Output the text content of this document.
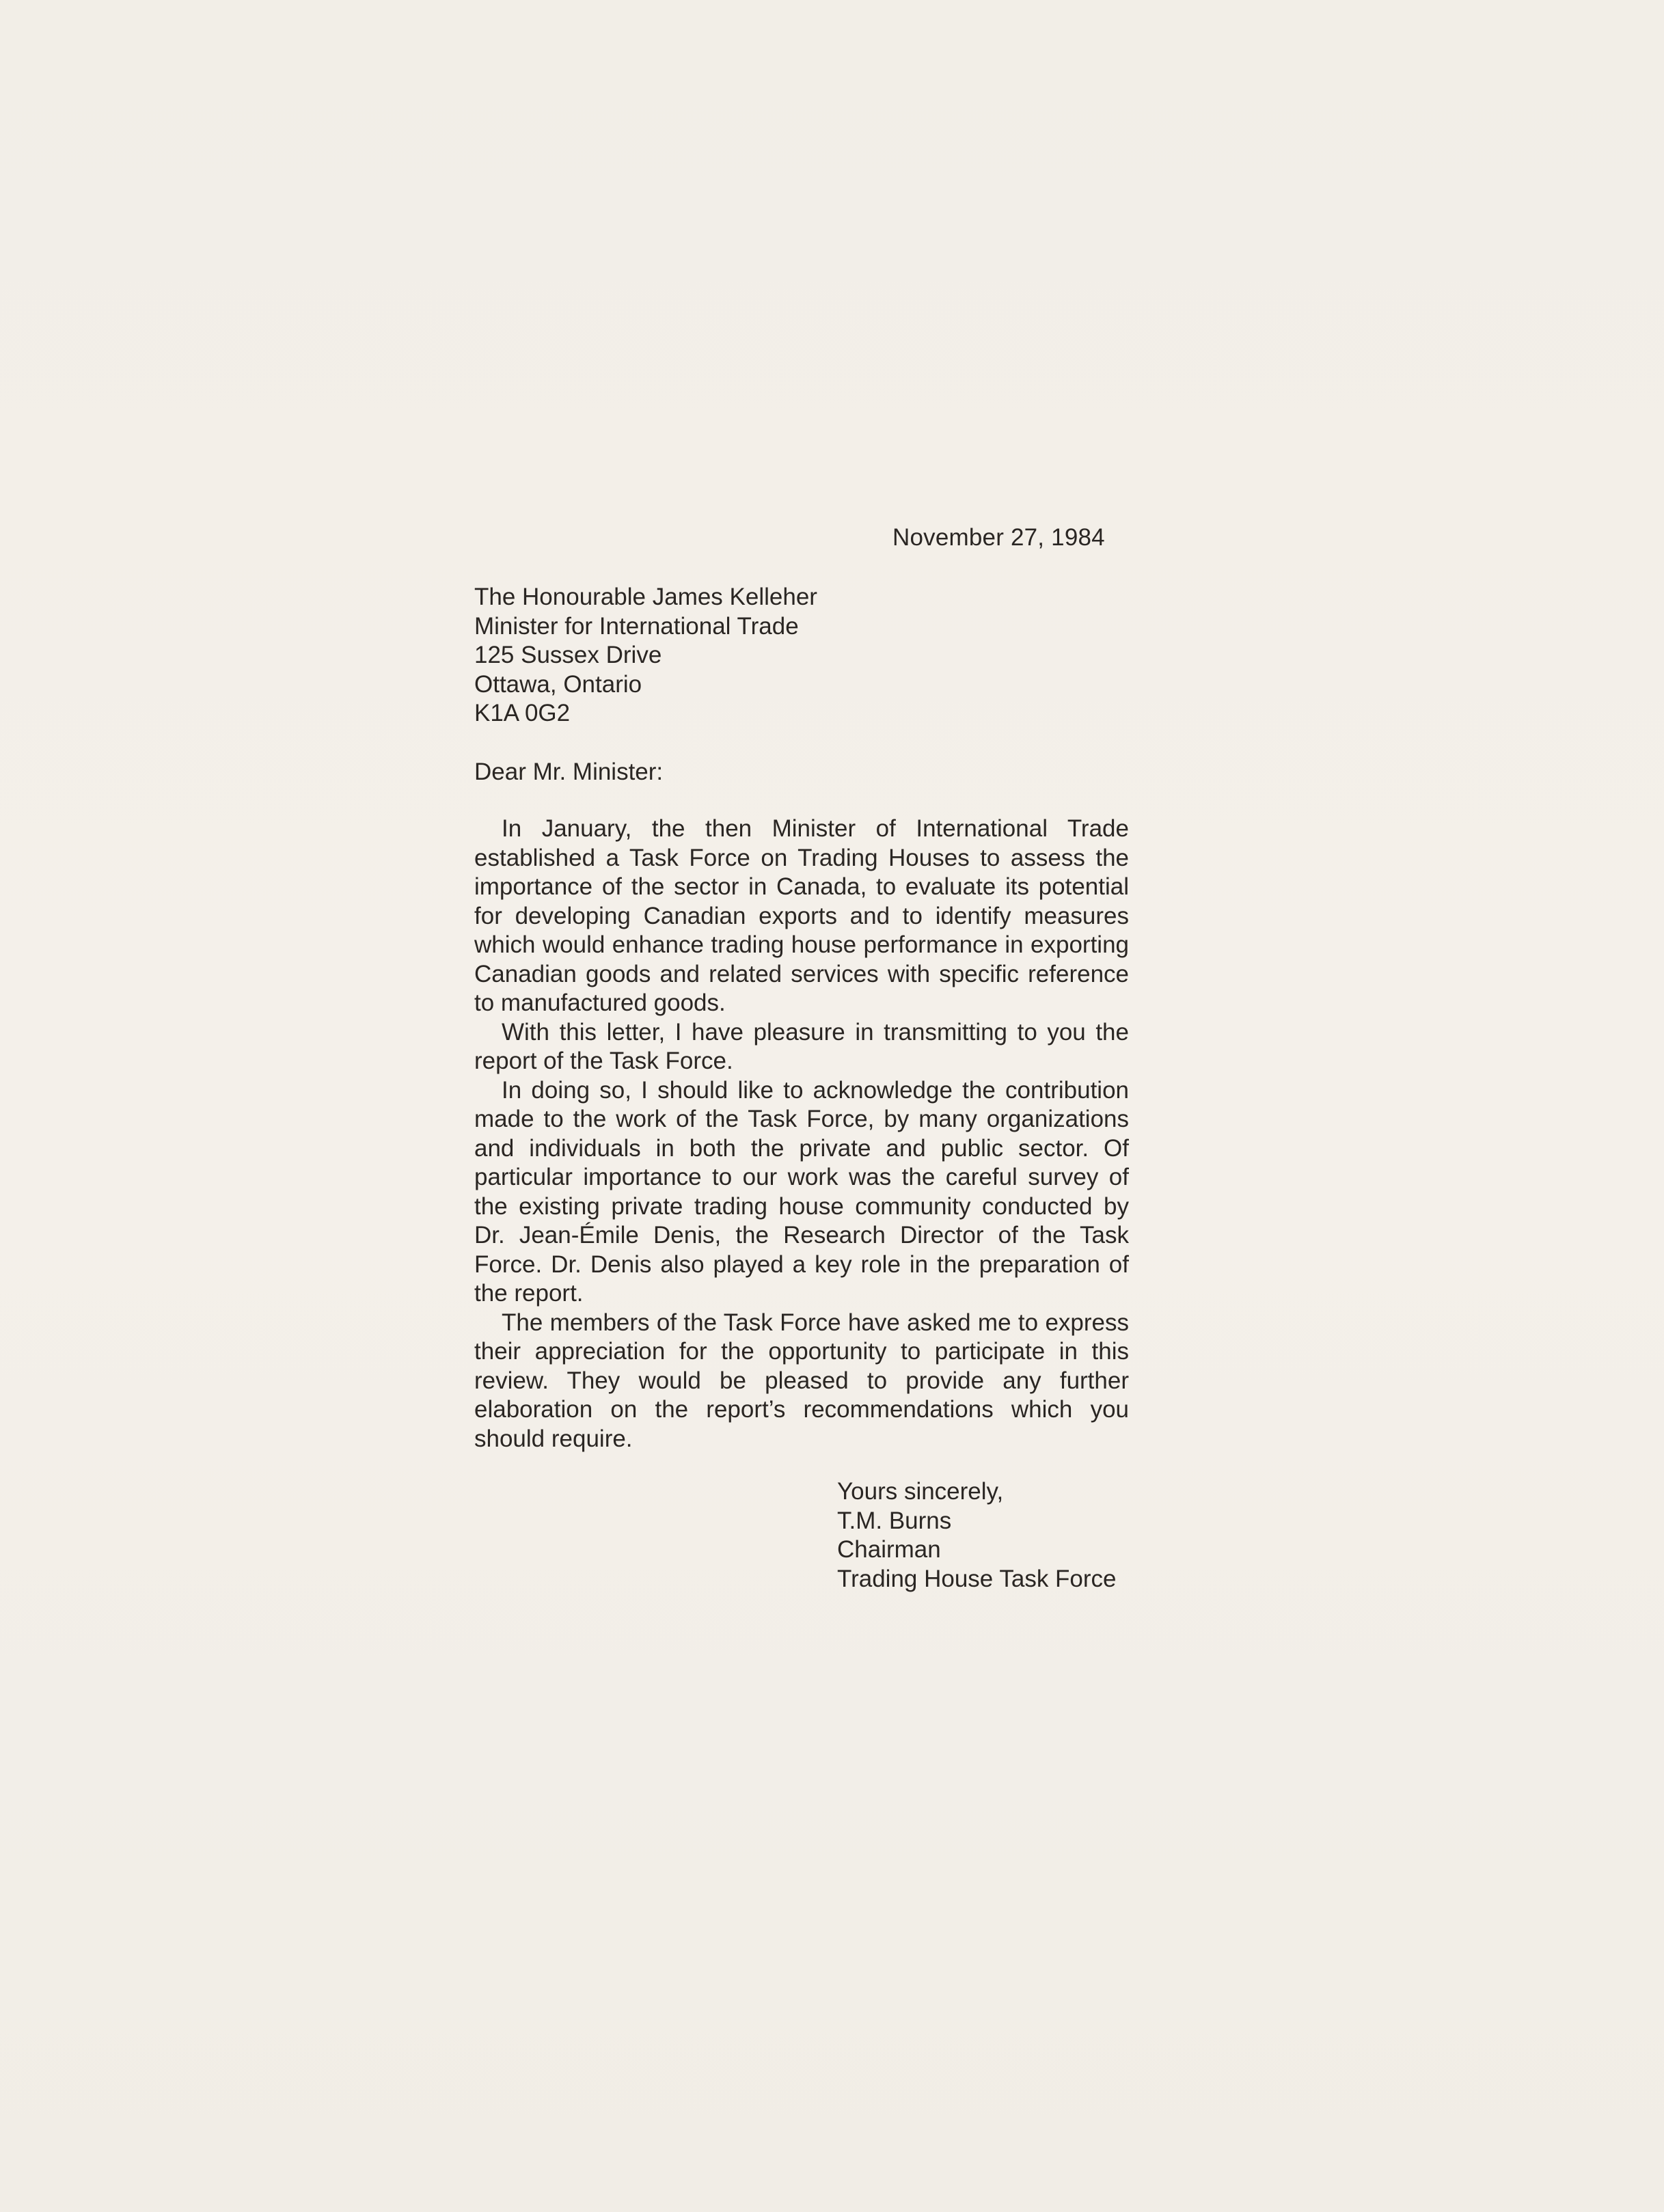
November 27, 1984
The Honourable James Kelleher
Minister for International Trade
125 Sussex Drive
Ottawa, Ontario
K1A 0G2
Dear Mr. Minister:

In January, the then Minister of International Trade established a Task Force on Trading Houses to assess the importance of the sector in Canada, to evaluate its potential for developing Canadian exports and to identify measures which would enhance trading house performance in exporting Canadian goods and related services with specific reference to manufactured goods.

With this letter, I have pleasure in transmitting to you the report of the Task Force.

In doing so, I should like to acknowledge the contribution made to the work of the Task Force, by many organizations and individuals in both the private and public sector. Of particular importance to our work was the careful survey of the existing private trading house community conducted by Dr. Jean-Émile Denis, the Research Director of the Task Force. Dr. Denis also played a key role in the preparation of the report.

The members of the Task Force have asked me to express their appreciation for the opportunity to participate in this review. They would be pleased to provide any further elaboration on the report’s recommendations which you should require.

Yours sincerely,
T.M. Burns
Chairman
Trading House Task Force
